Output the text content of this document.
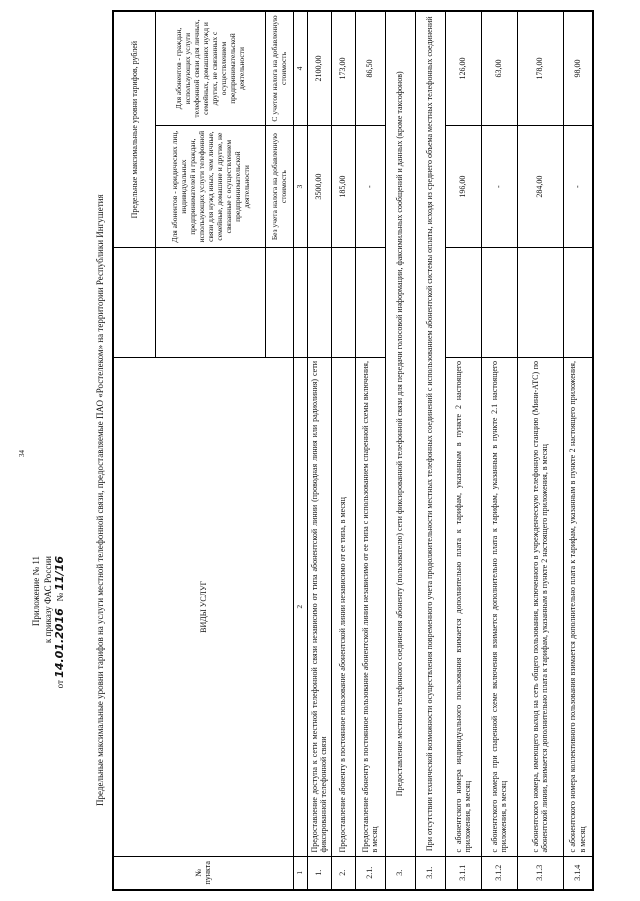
34
Приложение № 11 к приказу ФАС России
от 14.01.2016   № 11/16	Предельные максимальные уровни тарифов на услуги местной телефонной связи, предоставляемые ПАО «Ростелеком» на территории Республики Ингушетия
№ пункта	ВИДЫ УСЛУГ		Предельные максимальные уровни тарифов, рублей	
			Для абонентов - юридических лиц, индивидуальных предпринимателей и граждан, использующих услуги телефонной связи для нужд иных, чем личные, семейные, домашние и другие, не связанные с осуществлением предпринимательской деятельности	Для абонентов - граждан, использующих услуги телефонной связи для личных, семейных, домашних нужд и других, не связанных с осуществлением предпринимательской деятельности
			Без учета налога на добавленную стоимость	С учетом налога на добавленную стоимость
1	2		3	4
1.	Предоставление доступа к сети местной телефонной связи независимо от типа абонентской линии (проводная линия или радиолиния) сети фиксированной телефонной связи		3500,00	2100,00
2.	Предоставление абоненту в постоянное пользование абонентской линии независимо от ее типа, в месяц		185,00	173,00
2.1.	Предоставление абоненту в постоянное пользование абонентской линии независимо от ее типа с использованием спаренной схемы включения, в месяц		-	86,50
3.	Предоставление местного телефонного соединения абоненту (пользователю) сети фиксированной телефонной связи для передачи голосовой информации, факсимильных сообщений и данных (кроме таксофонов)			
3.1.	При отсутствии технической возможности осуществления повременного учета продолжительности местных телефонных соединений с использованием абонентской системы оплаты, исходя из среднего объема местных телефонных соединений			
3.1.1	с абонентского номера индивидуального пользования взимается дополнительно плата к тарифам, указанным в пункте 2 настоящего приложения, в месяц		196,00	126,00
3.1.2	с абонентского номера при спаренной схеме включения взимается дополнительно плата к тарифам, указанным в пункте 2.1 настоящего приложения, в месяц		-	63,00
3.1.3	с абонентского номера, имеющего выход на сеть общего пользования, включенного в учрежденческую телефонную станцию (Мини-АТС) по абонентской линии, взимается дополнительно плата к тарифам, указанным в пункте 2 настоящего приложения, в месяц		284,00	178,00
3.1.4	с абонентского номера коллективного пользования взимается дополнительно плата к тарифам, указанным в пункте 2 настоящего приложения, в месяц		-	98,00
